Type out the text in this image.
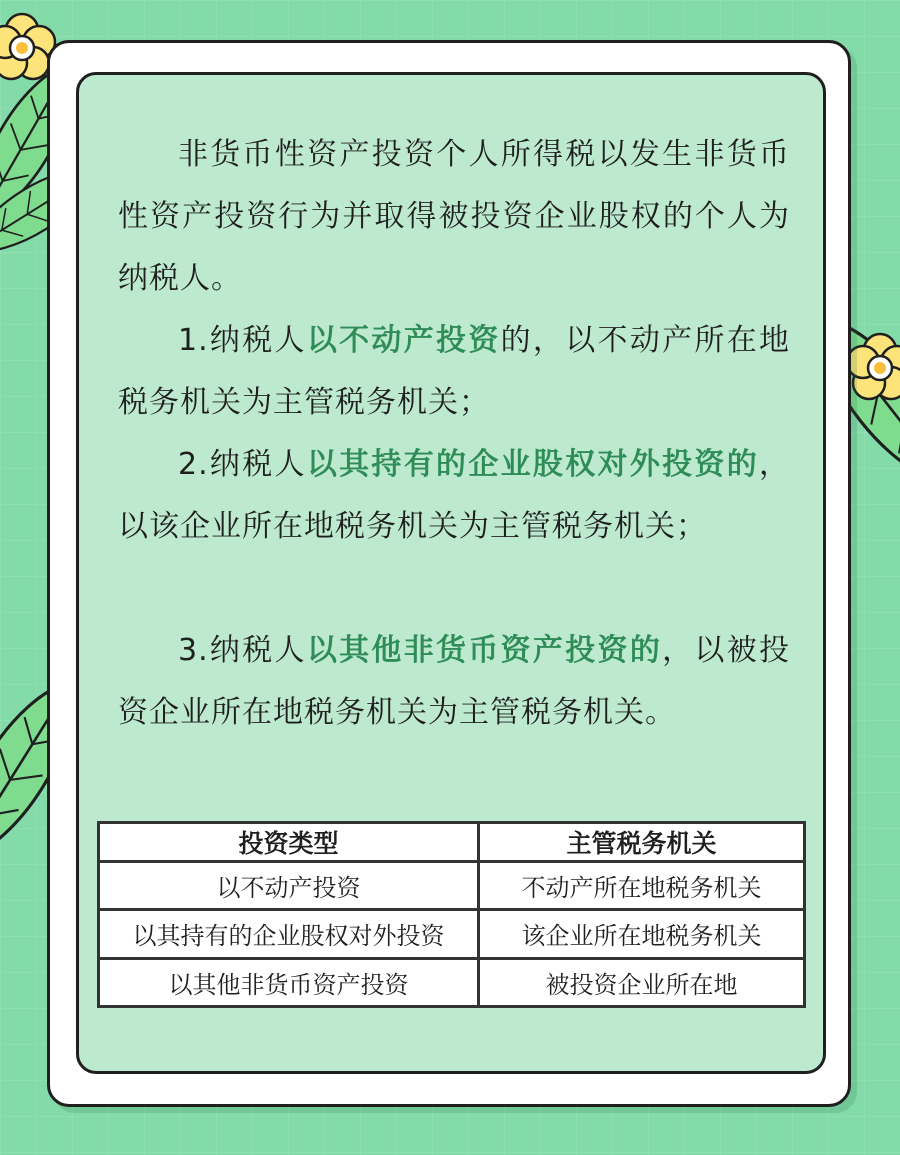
非货币性资产投资个人所得税以发生非货币性资产投资行为并取得被投资企业股权的个人为纳税人。

1.纳税人以不动产投资的，以不动产所在地税务机关为主管税务机关；

2.纳税人以其持有的企业股权对外投资的，以该企业所在地税务机关为主管税务机关；

3.纳税人以其他非货币资产投资的，以被投资企业所在地税务机关为主管税务机关。

投资类型	主管税务机关
以不动产投资	不动产所在地税务机关
以其持有的企业股权对外投资	该企业所在地税务机关
以其他非货币资产投资	被投资企业所在地
